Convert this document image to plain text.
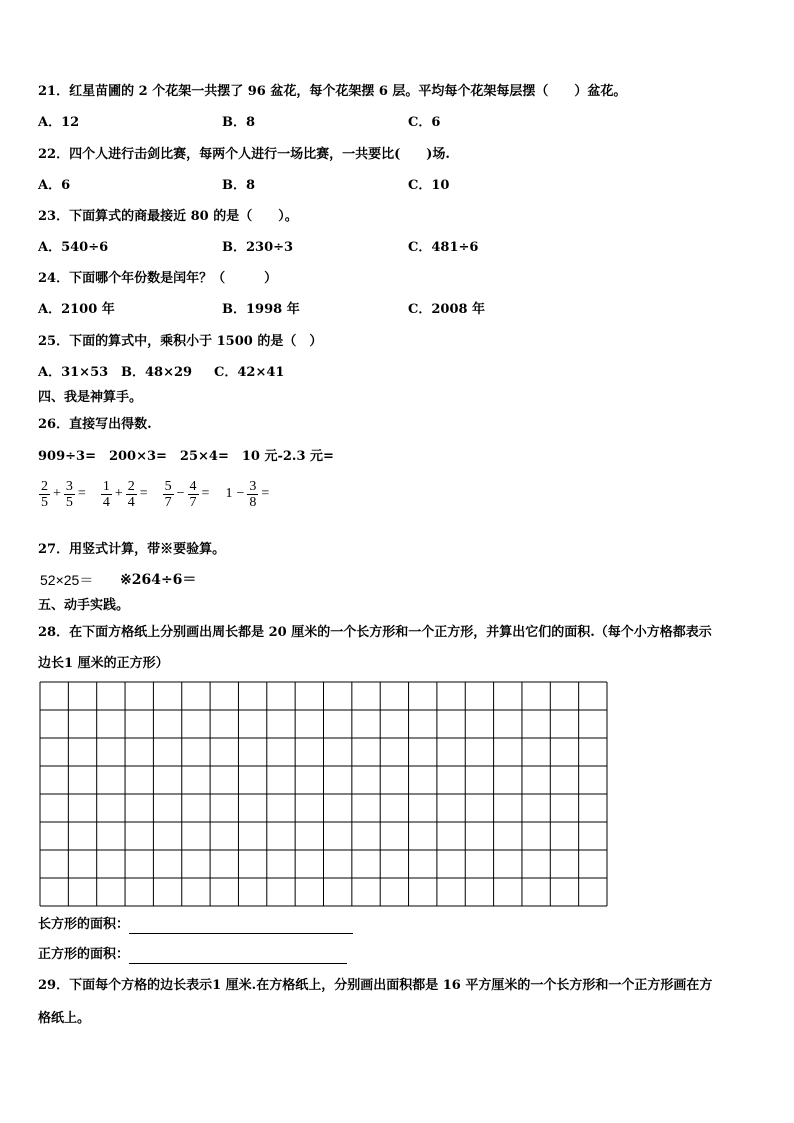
21．红星苗圃的 2 个花架一共摆了 96 盆花，每个花架摆 6 层。平均每个花架每层摆（　　）盆花。
A．12	B．8	C．6
22．四个人进行击剑比赛，每两个人进行一场比赛，一共要比(　　)场.
A．6	B．8	C．10
23．下面算式的商最接近 80 的是（　　）。
A．540÷6	B．230÷3	C．481÷6
24．下面哪个年份数是闰年？（　　　）
A．2100 年	B．1998 年	C．2008 年
25．下面的算式中，乘积小于 1500 的是（　）
A．31×53 B．48×29 C．42×41
四、我是神算手。
26．直接写出得数.
909÷3=　200×3=　25×4=　10 元-2.3 元=
$\frac{2}{5} + \frac{3}{5} = \frac{1}{4} + \frac{2}{4} = \frac{5}{7} - \frac{4}{7} = 1 - \frac{3}{8}$ =
27．用竖式计算，带※要验算。
52×25＝ ※264÷6＝
五、动手实践。
28．在下面方格纸上分别画出周长都是 20 厘米的一个长方形和一个正方形，并算出它们的面积.（每个小方格都表示
边长1 厘米的正方形）
长方形的面积：
正方形的面积：
29．下面每个方格的边长表示1 厘米.在方格纸上，分别画出面积都是 16 平方厘米的一个长方形和一个正方形画在方
格纸上。
